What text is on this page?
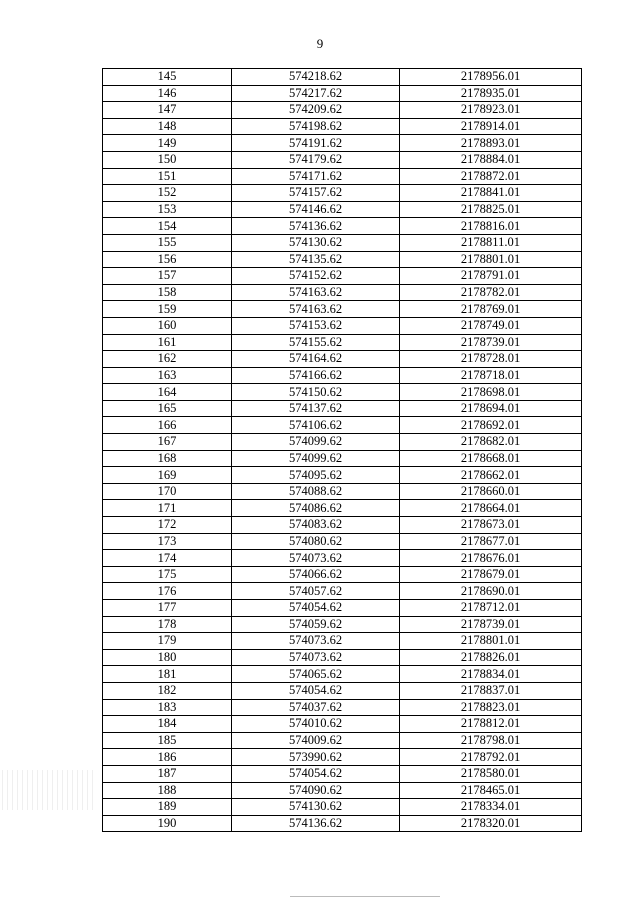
9
145	574218.62	2178956.01
146	574217.62	2178935.01
147	574209.62	2178923.01
148	574198.62	2178914.01
149	574191.62	2178893.01
150	574179.62	2178884.01
151	574171.62	2178872.01
152	574157.62	2178841.01
153	574146.62	2178825.01
154	574136.62	2178816.01
155	574130.62	2178811.01
156	574135.62	2178801.01
157	574152.62	2178791.01
158	574163.62	2178782.01
159	574163.62	2178769.01
160	574153.62	2178749.01
161	574155.62	2178739.01
162	574164.62	2178728.01
163	574166.62	2178718.01
164	574150.62	2178698.01
165	574137.62	2178694.01
166	574106.62	2178692.01
167	574099.62	2178682.01
168	574099.62	2178668.01
169	574095.62	2178662.01
170	574088.62	2178660.01
171	574086.62	2178664.01
172	574083.62	2178673.01
173	574080.62	2178677.01
174	574073.62	2178676.01
175	574066.62	2178679.01
176	574057.62	2178690.01
177	574054.62	2178712.01
178	574059.62	2178739.01
179	574073.62	2178801.01
180	574073.62	2178826.01
181	574065.62	2178834.01
182	574054.62	2178837.01
183	574037.62	2178823.01
184	574010.62	2178812.01
185	574009.62	2178798.01
186	573990.62	2178792.01
187	574054.62	2178580.01
188	574090.62	2178465.01
189	574130.62	2178334.01
190	574136.62	2178320.01
